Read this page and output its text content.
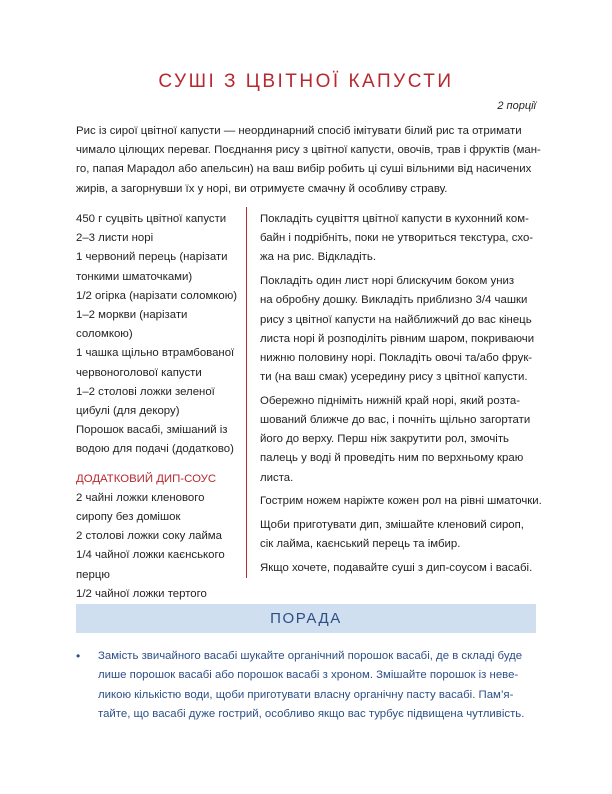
СУШІ З ЦВІТНОЇ КАПУСТИ
2 порції
Рис із сирої цвітної капусти — неординарний спосіб імітувати білий рис та отримати
чимало цілющих переваг. Поєднання рису з цвітної капусти, овочів, трав і фруктів (ман-
го, папая Марадол або апельсин) на ваш вибір робить ці суші вільними від насичених
жирів, а загорнувши їх у норі, ви отримуєте смачну й особливу страву.
450 г суцвіть цвітної капусти
2–3 листи норі
1 червоний перець (нарізати
тонкими шматочками)
1/2 огірка (нарізати соломкою)
1–2 моркви (нарізати
соломкою)
1 чашка щільно втрамбованої
червоноголової капусти
1–2 столові ложки зеленої
цибулі (для декору)
Порошок васабі, змішаний із
водою для подачі (додатково)
ДОДАТКОВИЙ ДИП-СОУС
2 чайні ложки кленового
сиропу без домішок
2 столові ложки соку лайма
1/4 чайної ложки каєнського
перцю
1/2 чайної ложки тертого

Покладіть суцвіття цвітної капусти в кухонний ком-
байн і подрібніть, поки не утвориться текстура, схо-
жа на рис. Відкладіть.

Покладіть один лист норі блискучим боком униз
на обробну дошку. Викладіть приблизно 3/4 чашки
рису з цвітної капусти на найближчий до вас кінець
листа норі й розподіліть рівним шаром, покриваючи
нижню половину норі. Покладіть овочі та/або фрук-
ти (на ваш смак) усередину рису з цвітної капусти.

Обережно підніміть нижній край норі, який розта-
шований ближче до вас, і почніть щільно загортати
його до верху. Перш ніж закрутити рол, змочіть
палець у воді й проведіть ним по верхньому краю
листа.

Гострим ножем наріжте кожен рол на рівні шматочки.

Щоби приготувати дип, змішайте кленовий сироп,
сік лайма, каєнський перець та імбир.

Якщо хочете, подавайте суші з дип-соусом і васабі.

ПОРАДА
• Замість звичайного васабі шукайте органічний порошок васабі, де в складі буде
лише порошок васабі або порошок васабі з хроном. Змішайте порошок із неве-
ликою кількістю води, щоби приготувати власну органічну пасту васабі. Пам’я-
тайте, що васабі дуже гострий, особливо якщо вас турбує підвищена чутливість.
